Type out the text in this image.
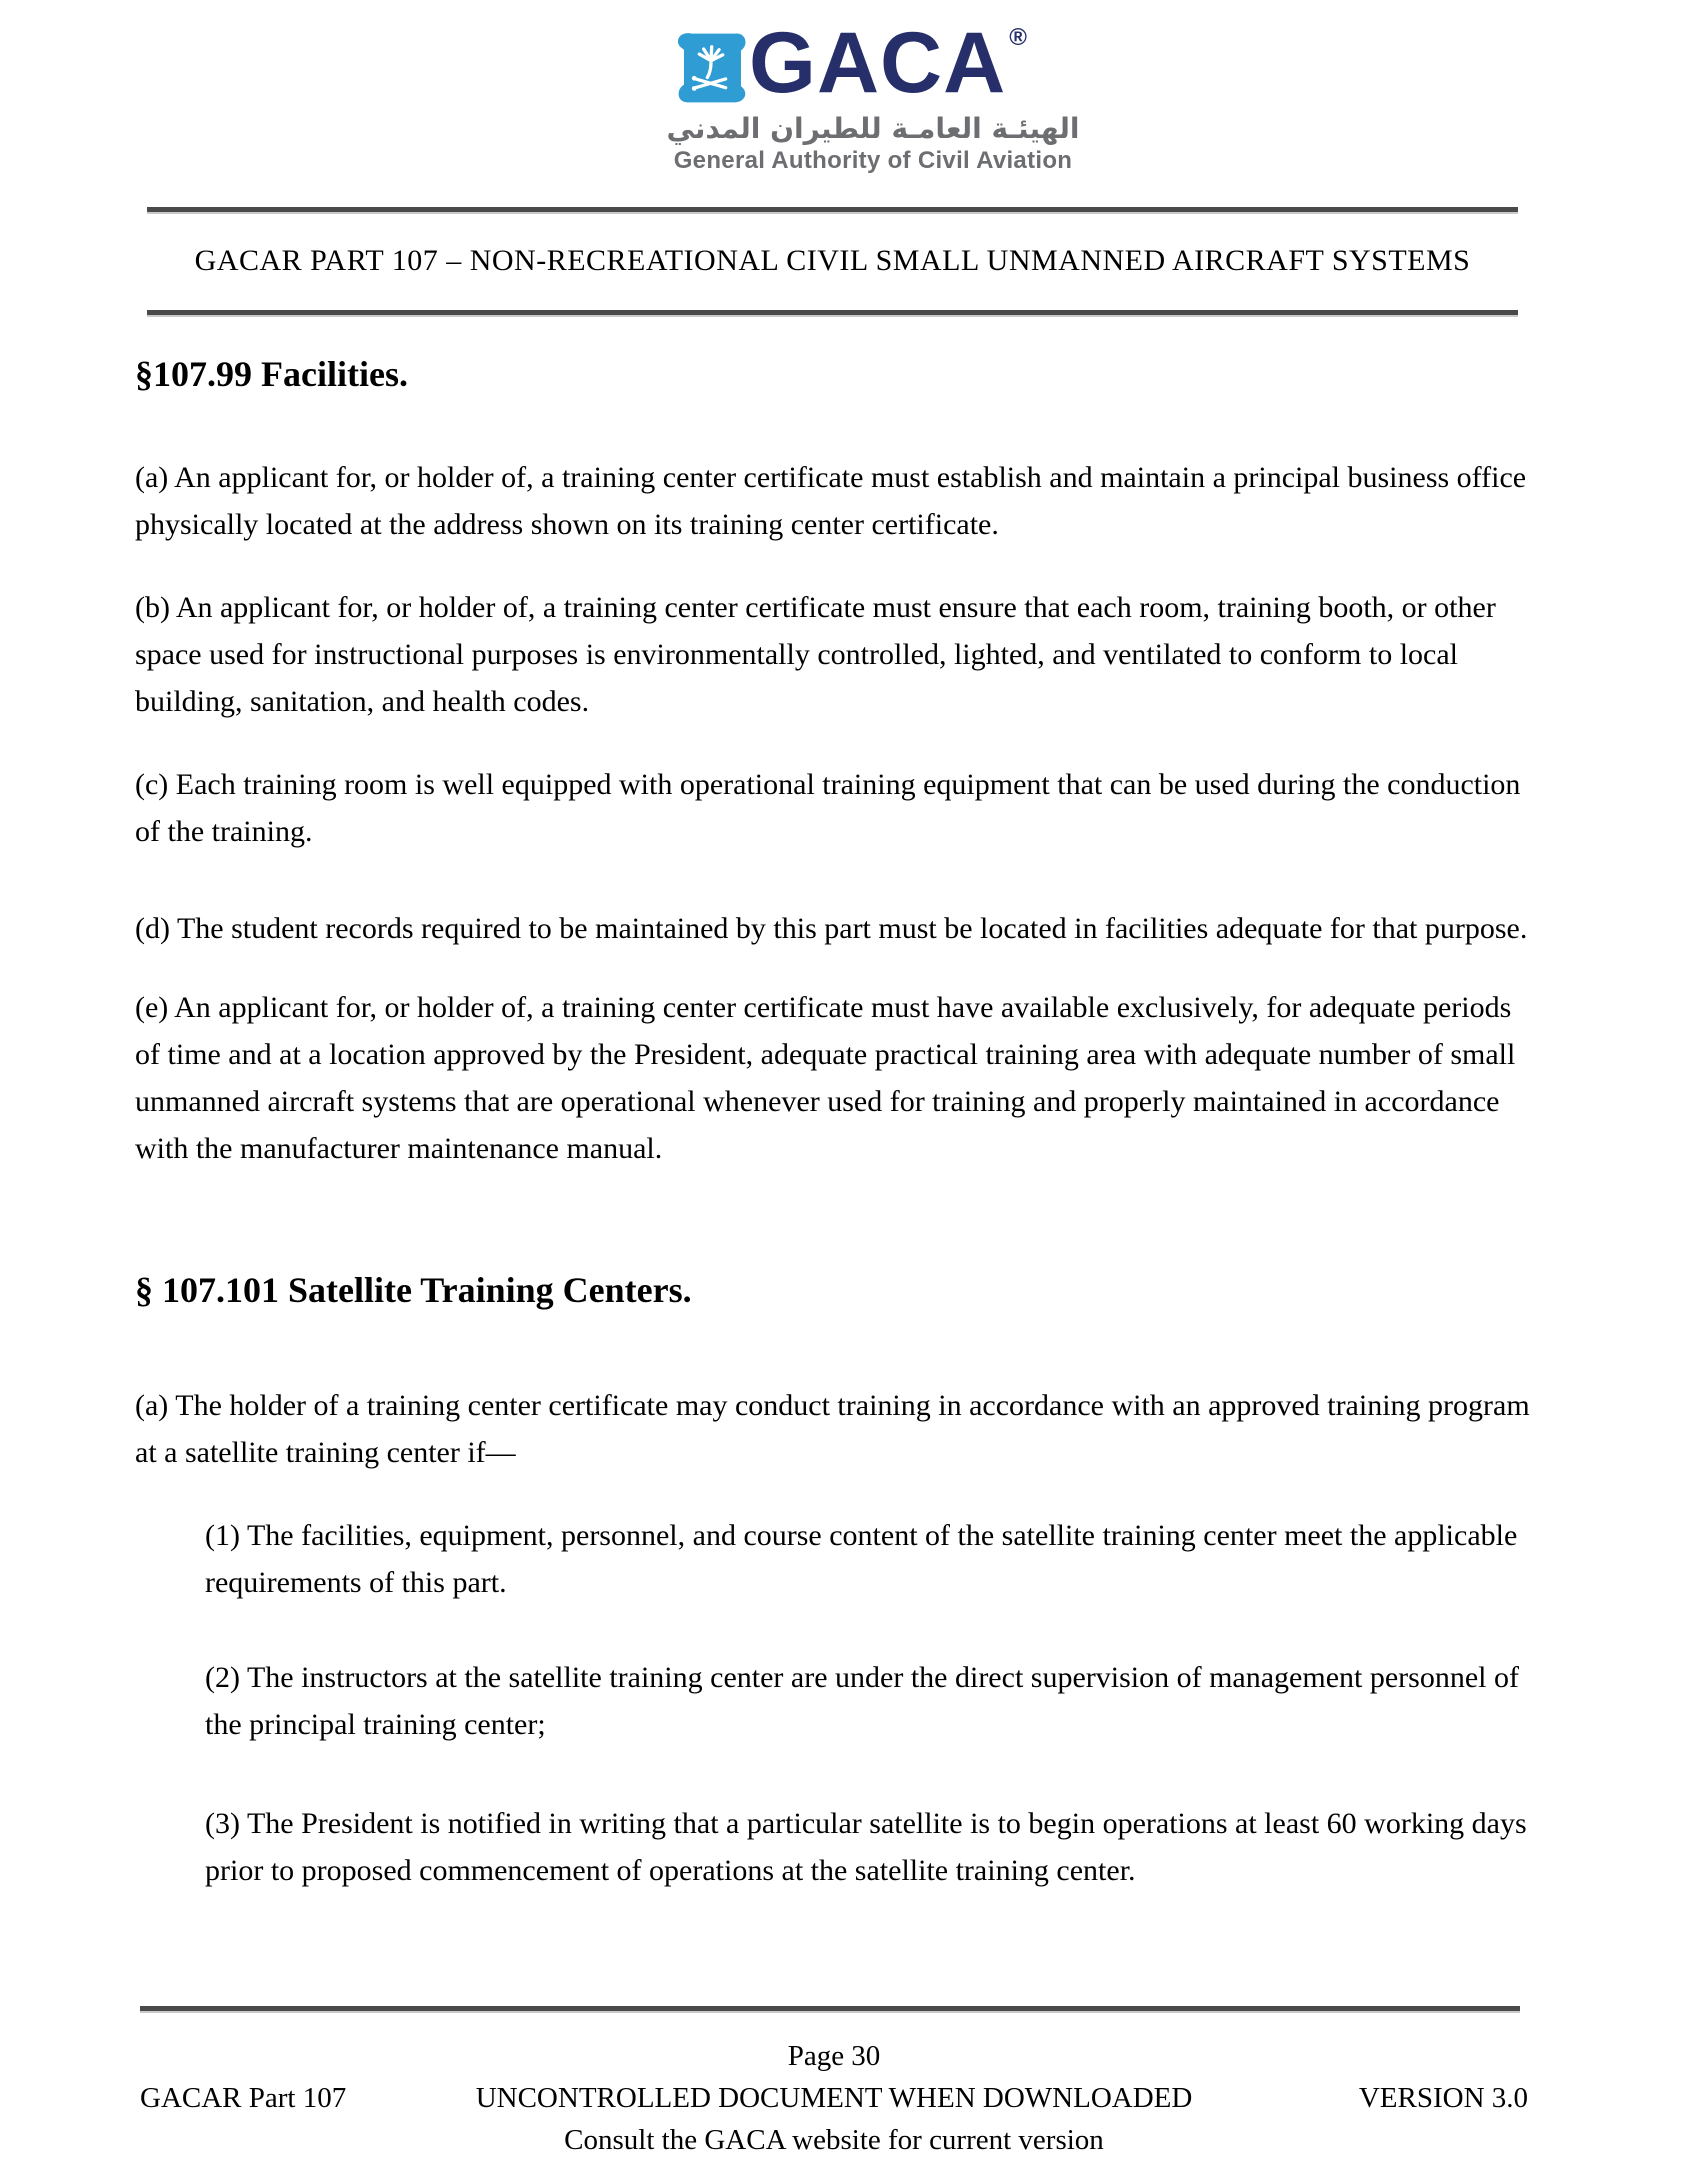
GACA ®
الهيئـة العامـة للطيران المدني
General Authority of Civil Aviation
GACAR PART 107 – NON-RECREATIONAL CIVIL SMALL UNMANNED AIRCRAFT SYSTEMS
§107.99 Facilities.

(a) An applicant for, or holder of, a training center certificate must establish and maintain a principal business office physically located at the address shown on its training center certificate.

(b) An applicant for, or holder of, a training center certificate must ensure that each room, training booth, or other space used for instructional purposes is environmentally controlled, lighted, and ventilated to conform to local building, sanitation, and health codes.

(c) Each training room is well equipped with operational training equipment that can be used during the conduction of the training.

(d) The student records required to be maintained by this part must be located in facilities adequate for that purpose.

(e) An applicant for, or holder of, a training center certificate must have available exclusively, for adequate periods of time and at a location approved by the President, adequate practical training area with adequate number of small unmanned aircraft systems that are operational whenever used for training and properly maintained in accordance with the manufacturer maintenance manual.

§ 107.101 Satellite Training Centers.

(a) The holder of a training center certificate may conduct training in accordance with an approved training program at a satellite training center if—

(1) The facilities, equipment, personnel, and course content of the satellite training center meet the applicable requirements of this part.

(2) The instructors at the satellite training center are under the direct supervision of management personnel of the principal training center;

(3) The President is notified in writing that a particular satellite is to begin operations at least 60 working days prior to proposed commencement of operations at the satellite training center.

Page 30
GACAR Part 107	UNCONTROLLED DOCUMENT WHEN DOWNLOADED	VERSION 3.0
Consult the GACA website for current version
